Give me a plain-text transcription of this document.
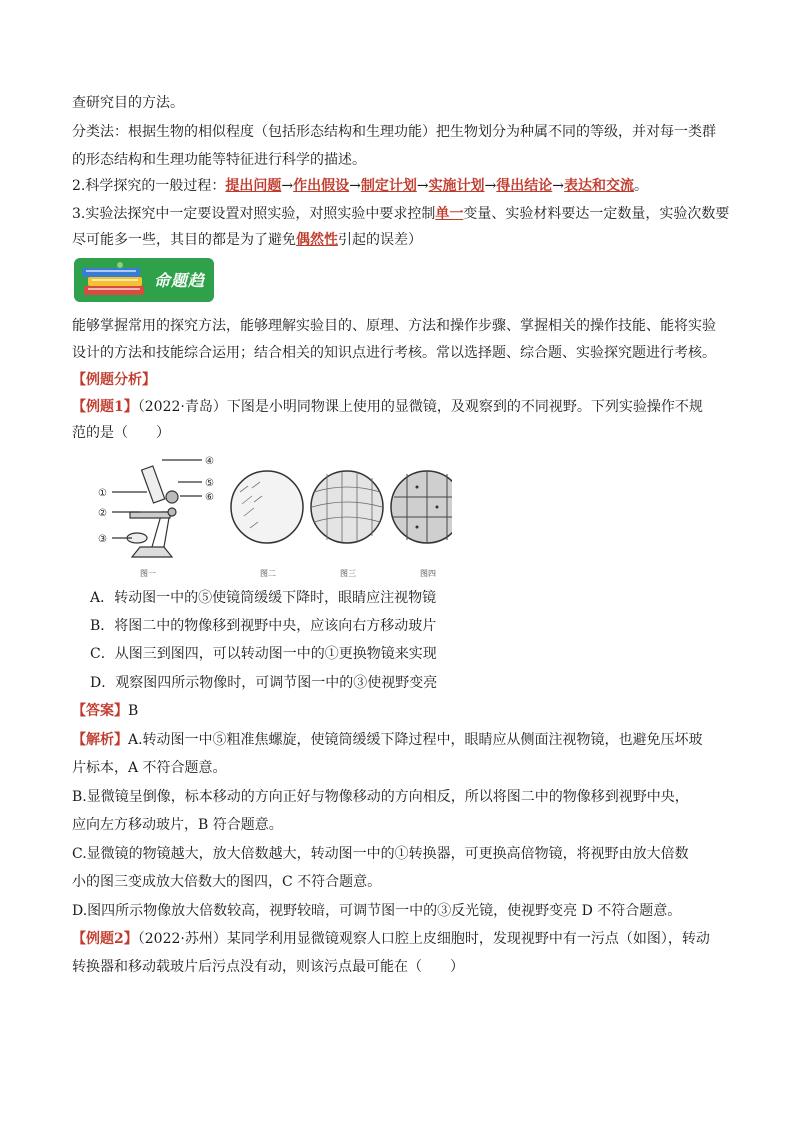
查研究目的方法。

分类法：根据生物的相似程度（包括形态结构和生理功能）把生物划分为种属不同的等级，并对每一类群

的形态结构和生理功能等特征进行科学的描述。

2.科学探究的一般过程：提出问题→作出假设→制定计划→实施计划→得出结论→表达和交流。

3.实验法探究中一定要设置对照实验，对照实验中要求控制单一变量、实验材料要达一定数量，实验次数要

尽可能多一些，其目的都是为了避免偶然性引起的误差）

命题趋

能够掌握常用的探究方法，能够理解实验目的、原理、方法和操作步骤、掌握相关的操作技能、能将实验

设计的方法和技能综合运用；结合相关的知识点进行考核。常以选择题、综合题、实验探究题进行考核。

【例题分析】

【例题1】（2022·青岛）下图是小明同物课上使用的显微镜，及观察到的不同视野。下列实验操作不规

范的是（　　）

④
⑤
⑥
①
②
③
图一	图二	图三	图四

A．转动图一中的⑤使镜筒缓缓下降时，眼睛应注视物镜

B．将图二中的物像移到视野中央，应该向右方移动玻片

C．从图三到图四，可以转动图一中的①更换物镜来实现

D．观察图四所示物像时，可调节图一中的③使视野变亮

【答案】B

【解析】A.转动图一中⑤粗准焦螺旋，使镜筒缓缓下降过程中，眼睛应从侧面注视物镜，也避免压坏玻

片标本，A 不符合题意。

B.显微镜呈倒像，标本移动的方向正好与物像移动的方向相反，所以将图二中的物像移到视野中央，

应向左方移动玻片，B 符合题意。

C.显微镜的物镜越大，放大倍数越大，转动图一中的①转换器，可更换高倍物镜，将视野由放大倍数

小的图三变成放大倍数大的图四，C 不符合题意。

D.图四所示物像放大倍数较高，视野较暗，可调节图一中的③反光镜，使视野变亮 D 不符合题意。

【例题2】（2022·苏州）某同学利用显微镜观察人口腔上皮细胞时，发现视野中有一污点（如图），转动

转换器和移动载玻片后污点没有动，则该污点最可能在（　　）
